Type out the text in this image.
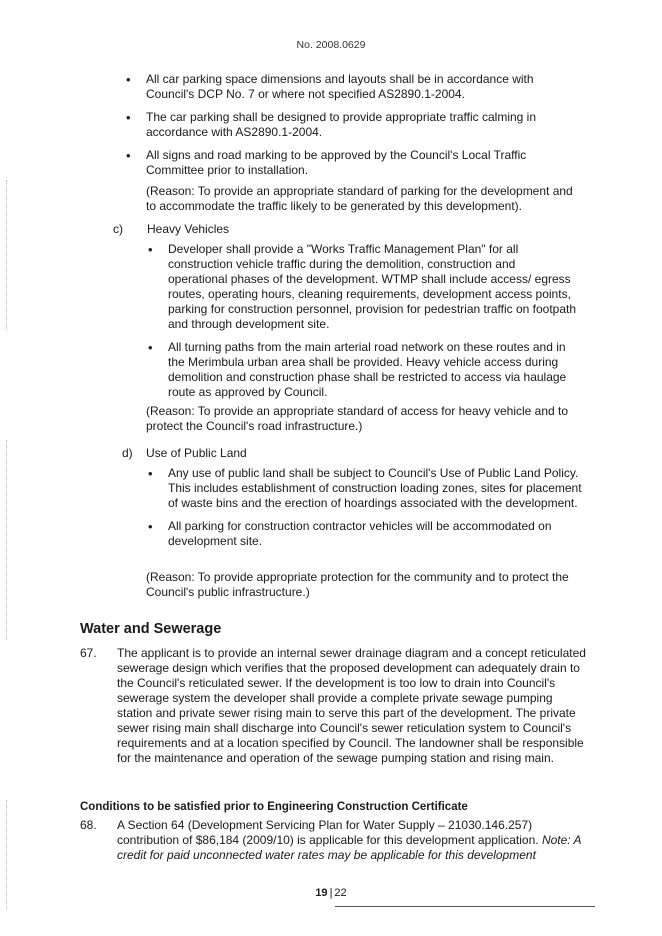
No. 2008.0629
• All car parking space dimensions and layouts shall be in accordance with Council's DCP No. 7 or where not specified AS2890.1-2004.
• The car parking shall be designed to provide appropriate traffic calming in accordance with AS2890.1-2004.
• All signs and road marking to be approved by the Council's Local Traffic Committee prior to installation.

(Reason: To provide an appropriate standard of parking for the development and to accommodate the traffic likely to be generated by this development).

c) Heavy Vehicles
• Developer shall provide a "Works Traffic Management Plan" for all construction vehicle traffic during the demolition, construction and operational phases of the development. WTMP shall include access/ egress routes, operating hours, cleaning requirements, development access points, parking for construction personnel, provision for pedestrian traffic on footpath and through development site.
• All turning paths from the main arterial road network on these routes and in the Merimbula urban area shall be provided. Heavy vehicle access during demolition and construction phase shall be restricted to access via haulage route as approved by Council.

(Reason: To provide an appropriate standard of access for heavy vehicle and to protect the Council's road infrastructure.)

d) Use of Public Land
• Any use of public land shall be subject to Council's Use of Public Land Policy. This includes establishment of construction loading zones, sites for placement of waste bins and the erection of hoardings associated with the development.
• All parking for construction contractor vehicles will be accommodated on development site.

(Reason: To provide appropriate protection for the community and to protect the Council's public infrastructure.)

Water and Sewerage
67. The applicant is to provide an internal sewer drainage diagram and a concept reticulated sewerage design which verifies that the proposed development can adequately drain to the Council's reticulated sewer. If the development is too low to drain into Council's sewerage system the developer shall provide a complete private sewage pumping station and private sewer rising main to serve this part of the development. The private sewer rising main shall discharge into Council's sewer reticulation system to Council's requirements and at a location specified by Council. The landowner shall be responsible for the maintenance and operation of the sewage pumping station and rising main.
Conditions to be satisfied prior to Engineering Construction Certificate
68. A Section 64 (Development Servicing Plan for Water Supply – 21030.146.257) contribution of $86,184 (2009/10) is applicable for this development application. Note: A credit for paid unconnected water rates may be applicable for this development
19 | 22
